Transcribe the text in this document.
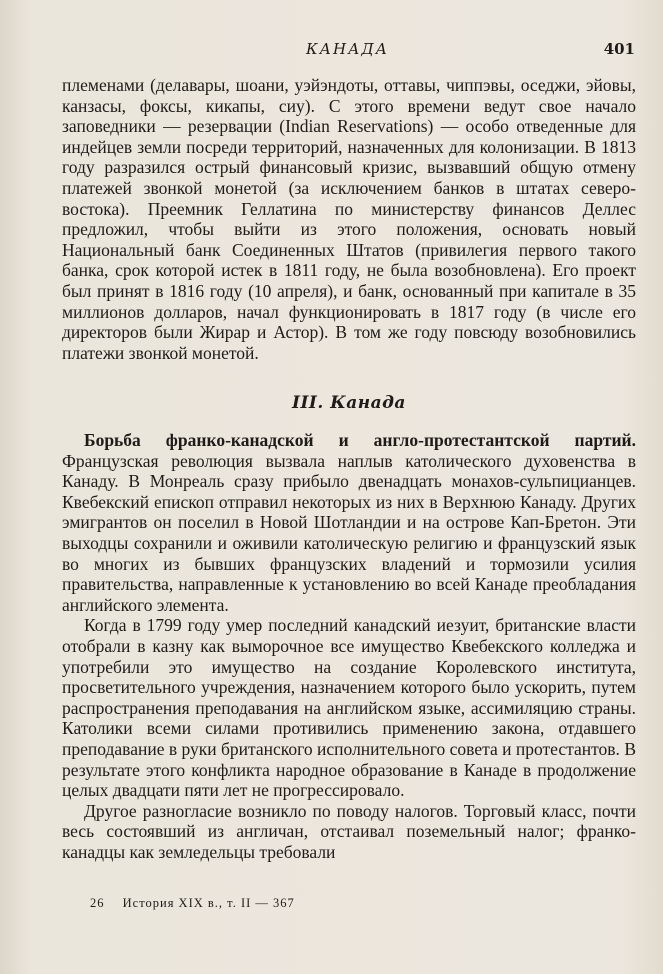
КАНАДА	401

племенами (делавары, шоани, уэйэндоты, оттавы, чиппэвы, оседжи, эйовы, канзасы, фоксы, кикапы, сиу). С этого времени ведут свое начало заповедники — резервации (Indian Reservations) — особо отведенные для индейцев земли посреди территорий, назначенных для колонизации. В 1813 году разразился острый финансовый кризис, вызвавший общую отмену платежей звонкой монетой (за исключением банков в штатах северо-востока). Преемник Геллатина по министерству финансов Деллес предложил, чтобы выйти из этого положения, основать новый Национальный банк Соединенных Штатов (привилегия первого такого банка, срок которой истек в 1811 году, не была возобновлена). Его проект был принят в 1816 году (10 апреля), и банк, основанный при капитале в 35 миллионов долларов, начал функционировать в 1817 году (в числе его директоров были Жирар и Астор). В том же году повсюду возобновились платежи звонкой монетой.

III. Канада

Борьба франко-канадской и англо-протестантской партий. Французская революция вызвала наплыв католического духовенства в Канаду. В Монреаль сразу прибыло двенадцать монахов-сульпицианцев. Квебекский епископ отправил некоторых из них в Верхнюю Канаду. Других эмигрантов он поселил в Новой Шотландии и на острове Кап-Бретон. Эти выходцы сохранили и оживили католическую религию и французский язык во многих из бывших французских владений и тормозили усилия правительства, направленные к установлению во всей Канаде преобладания английского элемента.

Когда в 1799 году умер последний канадский иезуит, британские власти отобрали в казну как выморочное все имущество Квебекского колледжа и употребили это имущество на создание Королевского института, просветительного учреждения, назначением которого было ускорить, путем распространения преподавания на английском языке, ассимиляцию страны. Католики всеми силами противились применению закона, отдавшего преподавание в руки британского исполнительного совета и протестантов. В результате этого конфликта народное образование в Канаде в продолжение целых двадцати пяти лет не прогрессировало.

Другое разногласие возникло по поводу налогов. Торговый класс, почти весь состоявший из англичан, отстаивал поземельный налог; франко-канадцы как земледельцы требовали

26 История XIX в., т. II — 367
